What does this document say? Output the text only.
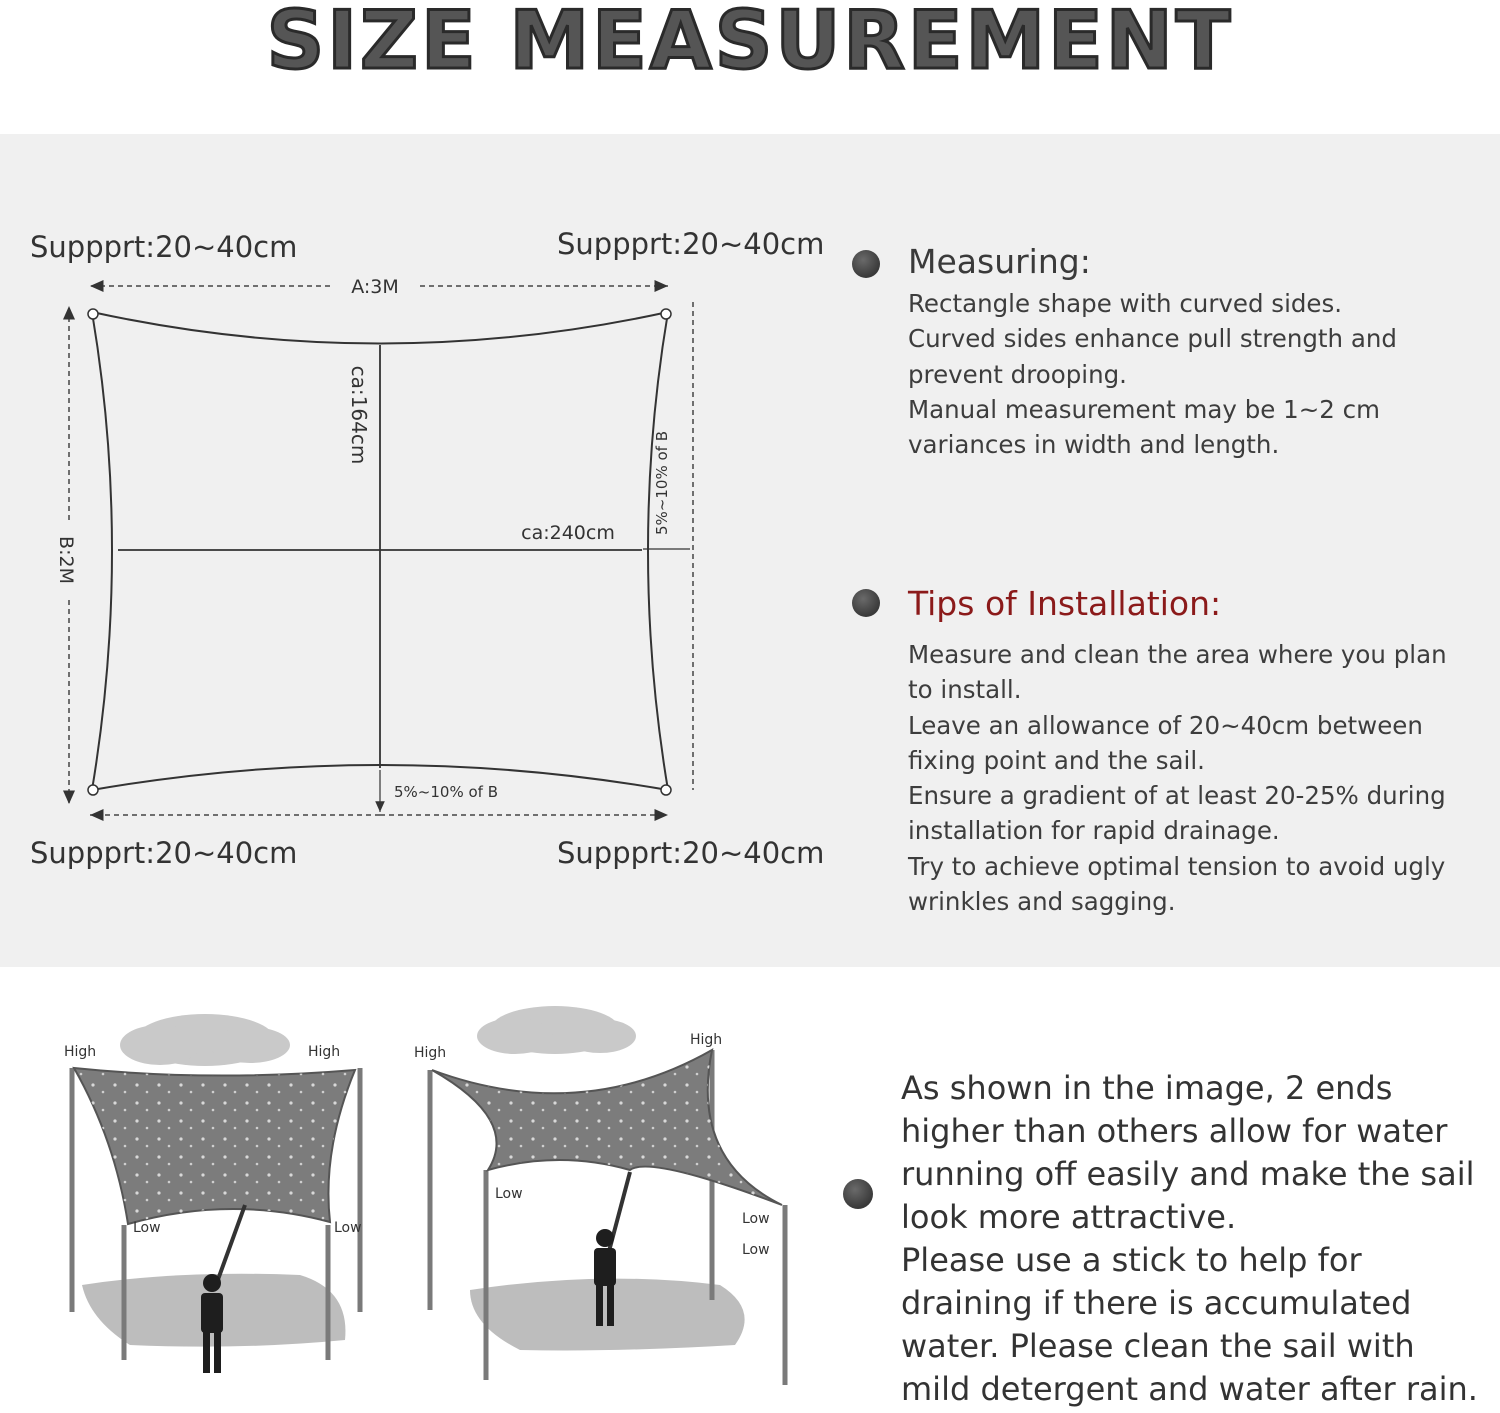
SIZE MEASUREMENT
A:3M
B:2M
ca:164cm
ca:240cm	5%~10% of B
5%~10% of B
Suppprt:20~40cm	Suppprt:20~40cm
Suppprt:20~40cm	Suppprt:20~40cm
Measuring:
Rectangle shape with curved sides.
Curved sides enhance pull strength and
prevent drooping.
Manual measurement may be 1~2 cm
variances in width and length.
Tips of Installation:
Measure and clean the area where you plan
to install.
Leave an allowance of 20~40cm between
fixing point and the sail.
Ensure a gradient of at least 20-25% during
installation for rapid drainage.
Try to achieve optimal tension to avoid ugly
wrinkles and sagging.
High	High
Low	Low
High
High
Low
Low
Low
As shown in the image, 2 ends
higher than others allow for water
running off easily and make the sail
look more attractive.
Please use a stick to help for
draining if there is accumulated
water. Please clean the sail with
mild detergent and water after rain.
